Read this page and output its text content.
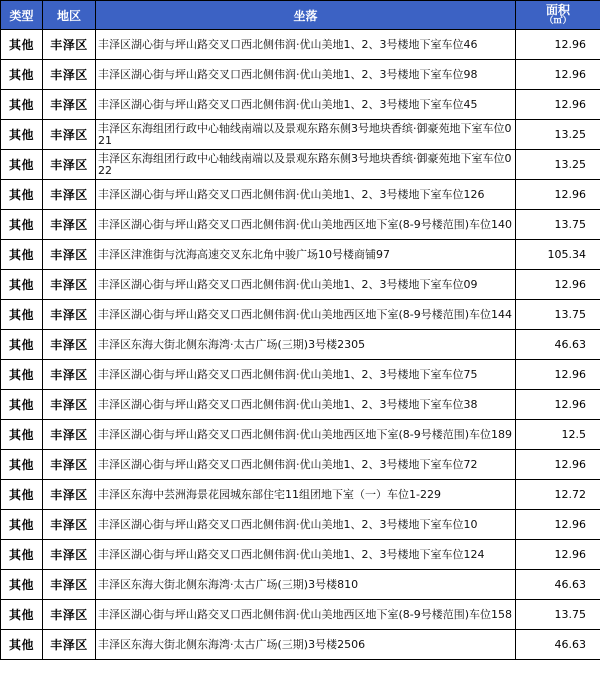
类型	地区	坐落	面积
（㎡）

其他	丰泽区	丰泽区湖心街与坪山路交叉口西北侧伟润·优山美地1、2、3号楼地下室车位46	12.96
其他	丰泽区	丰泽区湖心街与坪山路交叉口西北侧伟润·优山美地1、2、3号楼地下室车位98	12.96
其他	丰泽区	丰泽区湖心街与坪山路交叉口西北侧伟润·优山美地1、2、3号楼地下室车位45	12.96
其他	丰泽区	丰泽区东海组团行政中心轴线南端以及景观东路东侧3号地块香缤·御豪苑地下室车位021	13.25
其他	丰泽区	丰泽区东海组团行政中心轴线南端以及景观东路东侧3号地块香缤·御豪苑地下室车位022	13.25
其他	丰泽区	丰泽区湖心街与坪山路交叉口西北侧伟润·优山美地1、2、3号楼地下室车位126	12.96
其他	丰泽区	丰泽区湖心街与坪山路交叉口西北侧伟润·优山美地西区地下室(8-9号楼范围)车位140	13.75
其他	丰泽区	丰泽区津淮街与沈海高速交叉东北角中骏广场10号楼商铺97	105.34
其他	丰泽区	丰泽区湖心街与坪山路交叉口西北侧伟润·优山美地1、2、3号楼地下室车位09	12.96
其他	丰泽区	丰泽区湖心街与坪山路交叉口西北侧伟润·优山美地西区地下室(8-9号楼范围)车位144	13.75
其他	丰泽区	丰泽区东海大街北侧东海湾·太古广场(三期)3号楼2305	46.63
其他	丰泽区	丰泽区湖心街与坪山路交叉口西北侧伟润·优山美地1、2、3号楼地下室车位75	12.96
其他	丰泽区	丰泽区湖心街与坪山路交叉口西北侧伟润·优山美地1、2、3号楼地下室车位38	12.96
其他	丰泽区	丰泽区湖心街与坪山路交叉口西北侧伟润·优山美地西区地下室(8-9号楼范围)车位189	12.5
其他	丰泽区	丰泽区湖心街与坪山路交叉口西北侧伟润·优山美地1、2、3号楼地下室车位72	12.96
其他	丰泽区	丰泽区东海中芸洲海景花园城东部住宅11组团地下室（一）车位1-229	12.72
其他	丰泽区	丰泽区湖心街与坪山路交叉口西北侧伟润·优山美地1、2、3号楼地下室车位10	12.96
其他	丰泽区	丰泽区湖心街与坪山路交叉口西北侧伟润·优山美地1、2、3号楼地下室车位124	12.96
其他	丰泽区	丰泽区东海大街北侧东海湾·太古广场(三期)3号楼810	46.63
其他	丰泽区	丰泽区湖心街与坪山路交叉口西北侧伟润·优山美地西区地下室(8-9号楼范围)车位158	13.75
其他	丰泽区	丰泽区东海大街北侧东海湾·太古广场(三期)3号楼2506	46.63
